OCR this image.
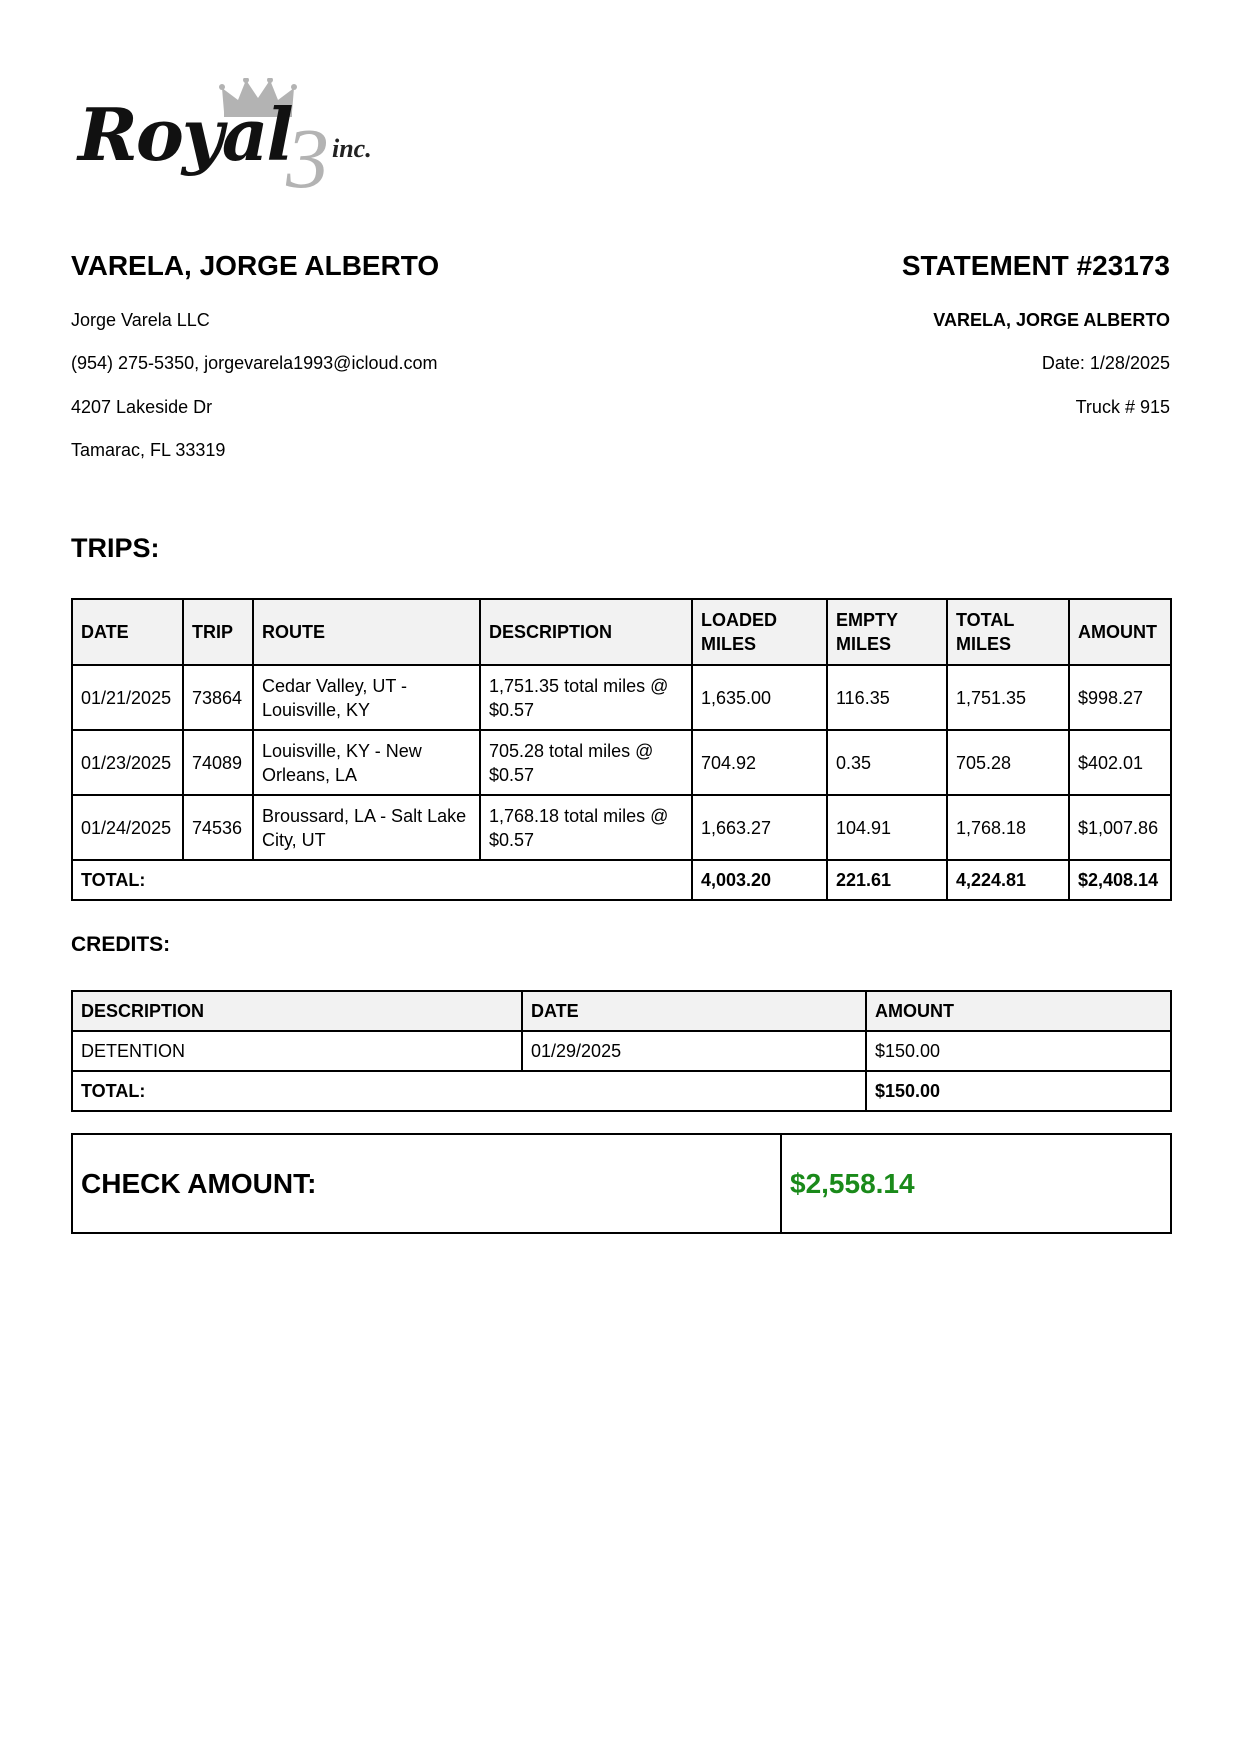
3
Royal inc.
VARELA, JORGE ALBERTO
Jorge Varela LLC
(954) 275-5350, jorgevarela1993@icloud.com
4207 Lakeside Dr
Tamarac, FL 33319
STATEMENT #23173
VARELA, JORGE ALBERTO
Date: 1/28/2025
Truck # 915
TRIPS:
DATE	TRIP	ROUTE	DESCRIPTION	LOADED MILES	EMPTY MILES	TOTAL MILES	AMOUNT
01/21/2025	73864	Cedar Valley, UT - Louisville, KY	1,751.35 total miles @ $0.57	1,635.00	116.35	1,751.35	$998.27
01/23/2025	74089	Louisville, KY - New Orleans, LA	705.28 total miles @ $0.57	704.92	0.35	705.28	$402.01
01/24/2025	74536	Broussard, LA - Salt Lake City, UT	1,768.18 total miles @ $0.57	1,663.27	104.91	1,768.18	$1,007.86
TOTAL:				4,003.20	221.61	4,224.81	$2,408.14
CREDITS:
DESCRIPTION	DATE	AMOUNT
DETENTION	01/29/2025	$150.00
TOTAL:		$150.00
CHECK AMOUNT:	$2,558.14
